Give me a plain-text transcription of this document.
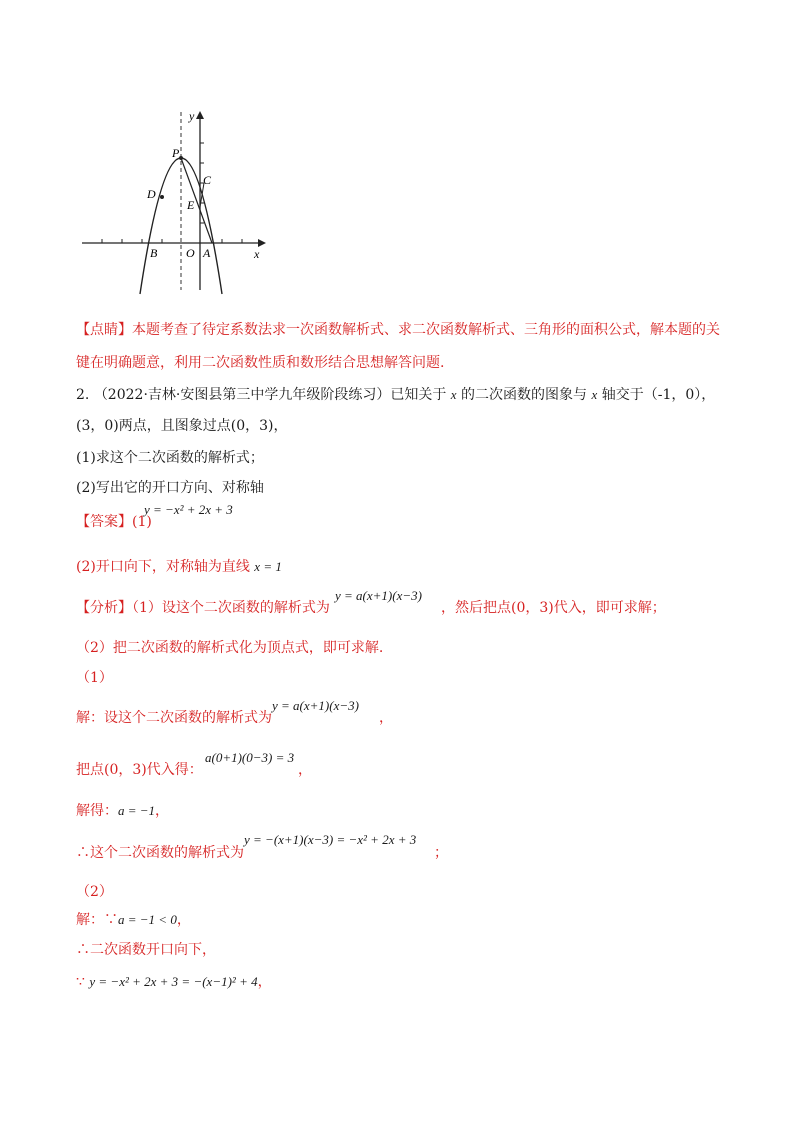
y
P
C
D
E
B O A	x
【点睛】本题考查了待定系数法求一次函数解析式、求二次函数解析式、三角形的面积公式，解本题的关
键在明确题意，利用二次函数性质和数形结合思想解答问题.
2. （2022·吉林·安图县第三中学九年级阶段练习）已知关于 x 的二次函数的图象与 x 轴交于（-1，0），
(3，0)两点，且图象过点(0，3)，
(1)求这个二次函数的解析式；
(2)写出它的开口方向、对称轴
【答案】(1)
y = −x² + 2x + 3
(2)开口向下，对称轴为直线 x = 1
【分析】（1）设这个二次函数的解析式为
y = a(x+1)(x−3)
，然后把点(0，3)代入，即可求解；
（2）把二次函数的解析式化为顶点式，即可求解.
（1）
解：设这个二次函数的解析式为
y = a(x+1)(x−3)
，
把点(0，3)代入得：
a(0+1)(0−3) = 3
，
解得：a = −1，
∴这个二次函数的解析式为
y = −(x+1)(x−3) = −x² + 2x + 3
；
（2）
解：∵a = −1 < 0，
∴二次函数开口向下，
∵ y = −x² + 2x + 3 = −(x−1)² + 4，
